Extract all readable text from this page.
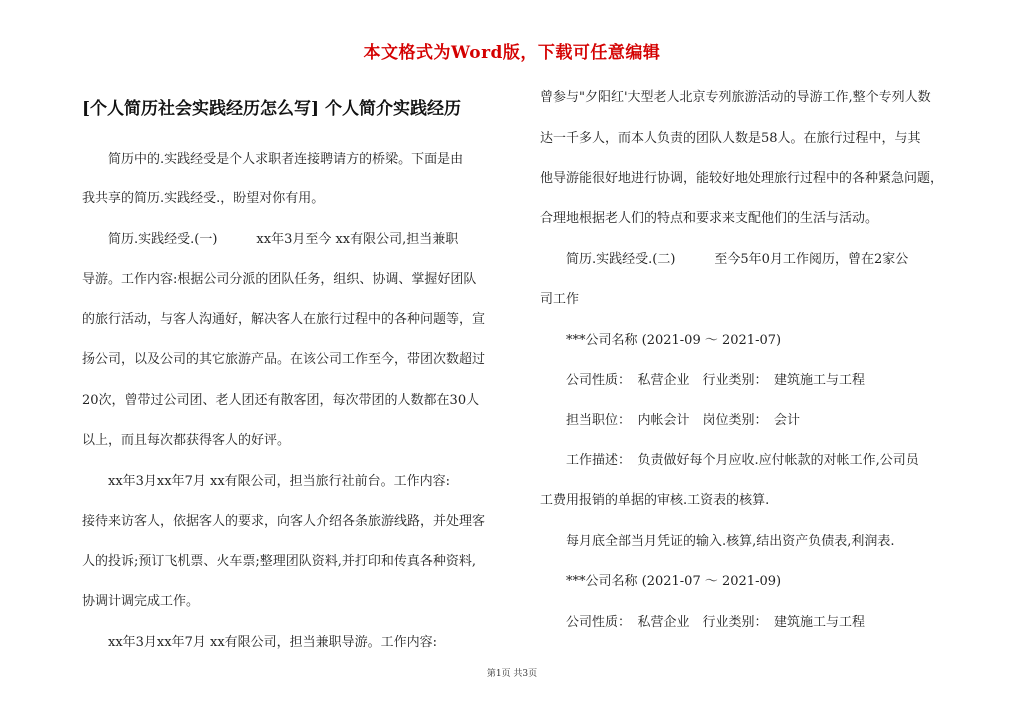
本文格式为Word版，下载可任意编辑
[个人简历社会实践经历怎么写] 个人简介实践经历
　　简历中的.实践经受是个人求职者连接聘请方的桥梁。下面是由
我共享的简历.实践经受.，盼望对你有用。
　　简历.实践经受.(一)　　　xx年3月至今 xx有限公司,担当兼职
导游。工作内容:根据公司分派的团队任务，组织、协调、掌握好团队
的旅行活动，与客人沟通好，解决客人在旅行过程中的各种问题等，宣
扬公司，以及公司的其它旅游产品。在该公司工作至今，带团次数超过
20次，曾带过公司团、老人团还有散客团，每次带团的人数都在30人
以上，而且每次都获得客人的好评。
　　xx年3月xx年7月 xx有限公司，担当旅行社前台。工作内容:
接待来访客人，依据客人的要求，向客人介绍各条旅游线路，并处理客
人的投诉;预订飞机票、火车票;整理团队资料,并打印和传真各种资料,
协调计调完成工作。
　　xx年3月xx年7月 xx有限公司，担当兼职导游。工作内容:
曾参与"夕阳红'大型老人北京专列旅游活动的导游工作,整个专列人数
达一千多人，而本人负责的团队人数是58人。在旅行过程中，与其
他导游能很好地进行协调，能较好地处理旅行过程中的各种紧急问题，
合理地根据老人们的特点和要求来支配他们的生活与活动。
　　简历.实践经受.(二)　　　至今5年0月工作阅历，曾在2家公
司工作
　　***公司名称 (2021-09 ～ 2021-07)
　　公司性质：　私营企业　行业类别：　建筑施工与工程
　　担当职位：　内帐会计　岗位类别：　会计
　　工作描述：　负责做好每个月应收.应付帐款的对帐工作,公司员
工费用报销的单据的审核.工资表的核算.
　　每月底全部当月凭证的输入.核算,结出资产负债表,利润表.
　　***公司名称 (2021-07 ～ 2021-09)
　　公司性质：　私营企业　行业类别：　建筑施工与工程
第1页 共3页
